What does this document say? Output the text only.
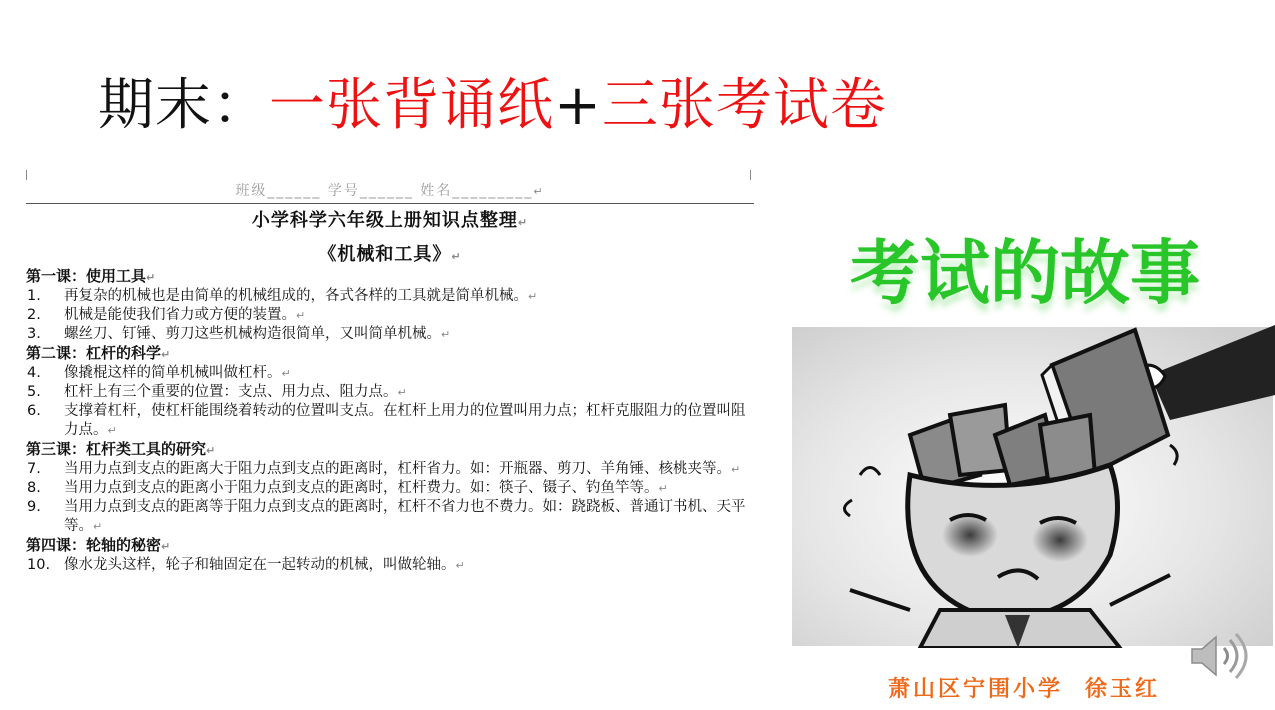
期末：一张背诵纸+三张考试卷
班级______ 学号______ 姓名_________↵
小学科学六年级上册知识点整理↵
《机械和工具》↵
第一课：使用工具↵
1.	再复杂的机械也是由简单的机械组成的，各式各样的工具就是简单机械。↵
2.	机械是能使我们省力或方便的装置。↵
3.	螺丝刀、钉锤、剪刀这些机械构造很简单，又叫简单机械。↵
第二课：杠杆的科学↵
4.	像撬棍这样的简单机械叫做杠杆。↵
5.	杠杆上有三个重要的位置：支点、用力点、阻力点。↵
6.	支撑着杠杆，使杠杆能围绕着转动的位置叫支点。在杠杆上用力的位置叫用力点；杠杆克服阻力的位置叫阻力点。↵
第三课：杠杆类工具的研究↵
7.	当用力点到支点的距离大于阻力点到支点的距离时，杠杆省力。如：开瓶器、剪刀、羊角锤、核桃夹等。↵
8.	当用力点到支点的距离小于阻力点到支点的距离时，杠杆费力。如：筷子、镊子、钓鱼竿等。↵
9.	当用力点到支点的距离等于阻力点到支点的距离时，杠杆不省力也不费力。如：跷跷板、普通订书机、天平等。↵
第四课：轮轴的秘密↵
10. 像水龙头这样，轮子和轴固定在一起转动的机械，叫做轮轴。↵
考试的故事
萧山区宁围小学 徐玉红
